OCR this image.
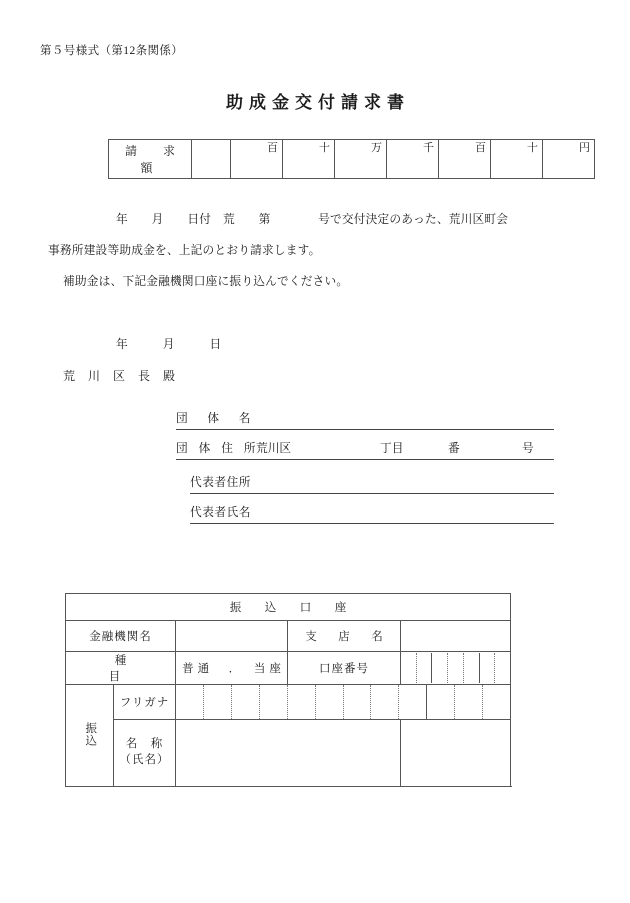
第５号様式（第12条関係）
助成金交付請求書
請　求　額		百	十	万	千	百	十	円
年　　月　　日付　荒　　第　　　　号で交付決定のあった、荒川区町会
事務所建設等助成金を、上記のとおり請求します。
補助金は、下記金融機関口座に振り込んでください。
年　　　月　　　日
荒 川 区 長 殿
団　体　名
団 体 住 所
荒川区	丁目	番	号
代表者住所
代表者氏名
振　込　口　座				
金融機関名			支　店　名	
種　　　目		普通　．　当座	口座番号	

振込	フリガナ			

	名　称
（氏名）			
